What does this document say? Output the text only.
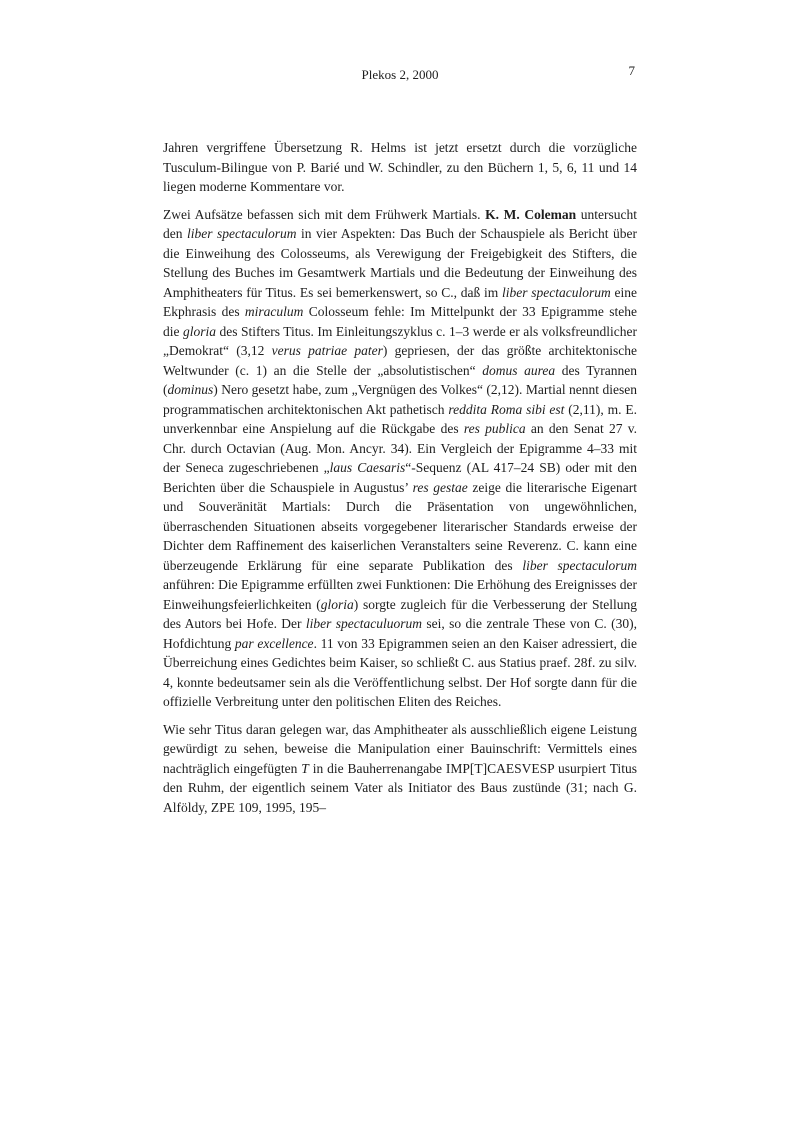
Plekos 2, 2000	7

Jahren vergriffene Übersetzung R. Helms ist jetzt ersetzt durch die vorzügliche Tusculum-Bilingue von P. Barié und W. Schindler, zu den Büchern 1, 5, 6, 11 und 14 liegen moderne Kommentare vor.

Zwei Aufsätze befassen sich mit dem Frühwerk Martials. K. M. Coleman untersucht den liber spectaculorum in vier Aspekten: Das Buch der Schauspiele als Bericht über die Einweihung des Colosseums, als Verewigung der Freigebigkeit des Stifters, die Stellung des Buches im Gesamtwerk Martials und die Bedeutung der Einweihung des Amphitheaters für Titus. Es sei bemerkenswert, so C., daß im liber spectaculorum eine Ekphrasis des miraculum Colosseum fehle: Im Mittelpunkt der 33 Epigramme stehe die gloria des Stifters Titus. Im Einleitungszyklus c. 1–3 werde er als volksfreundlicher „Demokrat“ (3,12 verus patriae pater) gepriesen, der das größte architektonische Weltwunder (c. 1) an die Stelle der „absolutistischen“ domus aurea des Tyrannen (dominus) Nero gesetzt habe, zum „Vergnügen des Volkes“ (2,12). Martial nennt diesen programmatischen architektonischen Akt pathetisch reddita Roma sibi est (2,11), m. E. unverkennbar eine Anspielung auf die Rückgabe des res publica an den Senat 27 v. Chr. durch Octavian (Aug. Mon. Ancyr. 34). Ein Vergleich der Epigramme 4–33 mit der Seneca zugeschriebenen „laus Caesaris“-Sequenz (AL 417–24 SB) oder mit den Berichten über die Schauspiele in Augustus’ res gestae zeige die literarische Eigenart und Souveränität Martials: Durch die Präsentation von ungewöhnlichen, überraschenden Situationen abseits vorgegebener literarischer Standards erweise der Dichter dem Raffinement des kaiserlichen Veranstalters seine Reverenz. C. kann eine überzeugende Erklärung für eine separate Publikation des liber spectaculorum anführen: Die Epigramme erfüllten zwei Funktionen: Die Erhöhung des Ereignisses der Einweihungsfeierlichkeiten (gloria) sorgte zugleich für die Verbesserung der Stellung des Autors bei Hofe. Der liber spectaculuorum sei, so die zentrale These von C. (30), Hofdichtung par excellence. 11 von 33 Epigrammen seien an den Kaiser adressiert, die Überreichung eines Gedichtes beim Kaiser, so schließt C. aus Statius praef. 28f. zu silv. 4, konnte bedeutsamer sein als die Veröffentlichung selbst. Der Hof sorgte dann für die offizielle Verbreitung unter den politischen Eliten des Reiches.

Wie sehr Titus daran gelegen war, das Amphitheater als ausschließlich eigene Leistung gewürdigt zu sehen, beweise die Manipulation einer Bauinschrift: Vermittels eines nachträglich eingefügten T in die Bauherrenangabe IMP[T]CAESVESP usurpiert Titus den Ruhm, der eigentlich seinem Vater als Initiator des Baus zustünde (31; nach G. Alföldy, ZPE 109, 1995, 195–
